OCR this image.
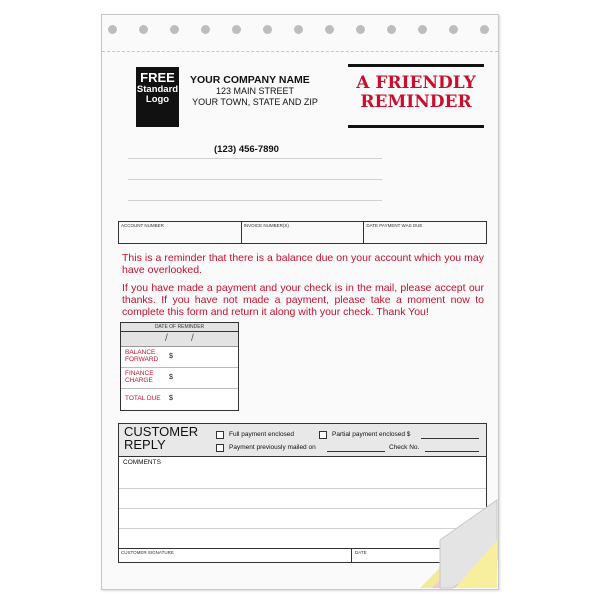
FREE
Standard
Logo
YOUR COMPANY NAME
123 MAIN STREET
YOUR TOWN, STATE AND ZIP
(123) 456-7890
A FRIENDLY
REMINDER
ACCOUNT NUMBER	INVOICE NUMBER(S)	DATE PAYMENT WAS DUE
This is a reminder that there is a balance due on your account which you may have overlooked.
If you have made a payment and your check is in the mail, please accept our thanks. If you have not made a payment, please take a moment now to complete this form and return it along with your check. Thank You!
DATE OF REMINDER
/ /
BALANCE FORWARD	$
FINANCE CHARGE	$
TOTAL DUE	$
CUSTOMER
REPLY
Full payment enclosed	Partial payment enclosed $
Payment previously mailed on	Check No.
COMMENTS
CUSTOMER SIGNATURE	DATE
